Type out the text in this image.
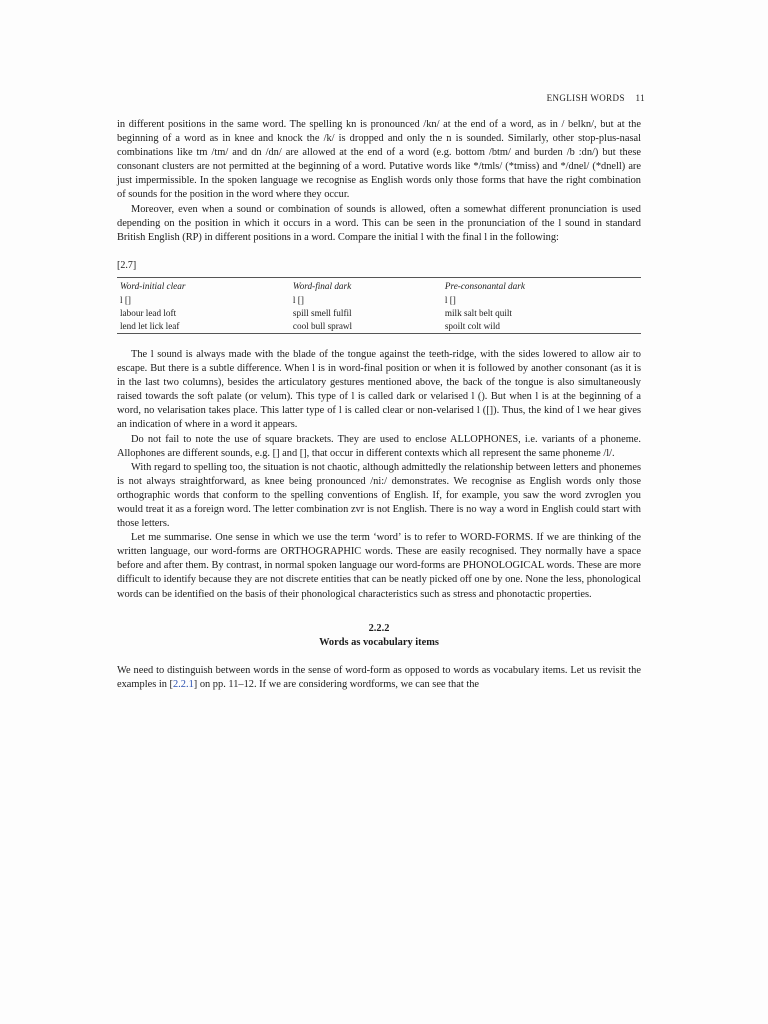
ENGLISH WORDS 11

in different positions in the same word. The spelling kn is pronounced /kn/ at the end of a word, as in / belkn/, but at the beginning of a word as in knee and knock the /k/ is dropped and only the n is sounded. Similarly, other stop-plus-nasal combinations like tm /tm/ and dn /dn/ are allowed at the end of a word (e.g. bottom /btm/ and burden /b :dn/) but these consonant clusters are not permitted at the beginning of a word. Putative words like */tmls/ (*tmiss) and */dnel/ (*dnell) are just impermissible. In the spoken language we recognise as English words only those forms that have the right combination of sounds for the position in the word where they occur.

Moreover, even when a sound or combination of sounds is allowed, often a somewhat different pronunciation is used depending on the position in which it occurs in a word. This can be seen in the pronunciation of the l sound in standard British English (RP) in different positions in a word. Compare the initial l with the final l in the following:

[2.7]
Word-initial clear	Word-final dark	Pre-consonantal dark
l []	l []	l []
labour lead loft	spill smell fulfil	milk salt belt quilt
lend let lick leaf	cool bull sprawl	spoilt colt wild

The l sound is always made with the blade of the tongue against the teeth-ridge, with the sides lowered to allow air to escape. But there is a subtle difference. When l is in word-final position or when it is followed by another consonant (as it is in the last two columns), besides the articulatory gestures mentioned above, the back of the tongue is also simultaneously raised towards the soft palate (or velum). This type of l is called dark or velarised l (). But when l is at the beginning of a word, no velarisation takes place. This latter type of l is called clear or non-velarised l ([]). Thus, the kind of l we hear gives an indication of where in a word it appears.

Do not fail to note the use of square brackets. They are used to enclose ALLOPHONES, i.e. variants of a phoneme. Allophones are different sounds, e.g. [] and [], that occur in different contexts which all represent the same phoneme /l/.

With regard to spelling too, the situation is not chaotic, although admittedly the relationship between letters and phonemes is not always straightforward, as knee being pronounced /ni:/ demonstrates. We recognise as English words only those orthographic words that conform to the spelling conventions of English. If, for example, you saw the word zvroglen you would treat it as a foreign word. The letter combination zvr is not English. There is no way a word in English could start with those letters.

Let me summarise. One sense in which we use the term ‘word’ is to refer to WORD-FORMS. If we are thinking of the written language, our word-forms are ORTHOGRAPHIC words. These are easily recognised. They normally have a space before and after them. By contrast, in normal spoken language our word-forms are PHONOLOGICAL words. These are more difficult to identify because they are not discrete entities that can be neatly picked off one by one. None the less, phonological words can be identified on the basis of their phonological characteristics such as stress and phonotactic properties.

2.2.2
Words as vocabulary items

We need to distinguish between words in the sense of word-form as opposed to words as vocabulary items. Let us revisit the examples in [2.2.1] on pp. 11–12. If we are considering wordforms, we can see that the
